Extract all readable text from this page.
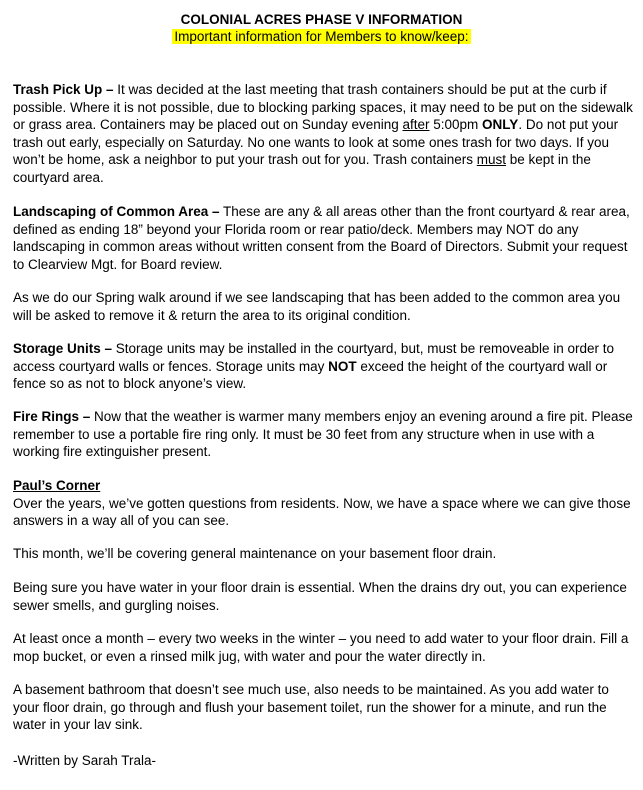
COLONIAL ACRES PHASE V INFORMATION
Important information for Members to know/keep:

Trash Pick Up – It was decided at the last meeting that trash containers should be put at the curb if possible. Where it is not possible, due to blocking parking spaces, it may need to be put on the sidewalk or grass area. Containers may be placed out on Sunday evening after 5:00pm ONLY. Do not put your trash out early, especially on Saturday. No one wants to look at some ones trash for two days. If you won’t be home, ask a neighbor to put your trash out for you. Trash containers must be kept in the courtyard area.

Landscaping of Common Area – These are any & all areas other than the front courtyard & rear area, defined as ending 18” beyond your Florida room or rear patio/deck. Members may NOT do any landscaping in common areas without written consent from the Board of Directors. Submit your request to Clearview Mgt. for Board review.

As we do our Spring walk around if we see landscaping that has been added to the common area you will be asked to remove it & return the area to its original condition.

Storage Units – Storage units may be installed in the courtyard, but, must be removeable in order to access courtyard walls or fences. Storage units may NOT exceed the height of the courtyard wall or fence so as not to block anyone’s view.

Fire Rings – Now that the weather is warmer many members enjoy an evening around a fire pit. Please remember to use a portable fire ring only. It must be 30 feet from any structure when in use with a working fire extinguisher present.

Paul’s Corner
Over the years, we’ve gotten questions from residents. Now, we have a space where we can give those answers in a way all of you can see.

This month, we’ll be covering general maintenance on your basement floor drain.

Being sure you have water in your floor drain is essential. When the drains dry out, you can experience sewer smells, and gurgling noises.

At least once a month – every two weeks in the winter – you need to add water to your floor drain. Fill a mop bucket, or even a rinsed milk jug, with water and pour the water directly in.

A basement bathroom that doesn’t see much use, also needs to be maintained. As you add water to your floor drain, go through and flush your basement toilet, run the shower for a minute, and run the water in your lav sink.

-Written by Sarah Trala-
